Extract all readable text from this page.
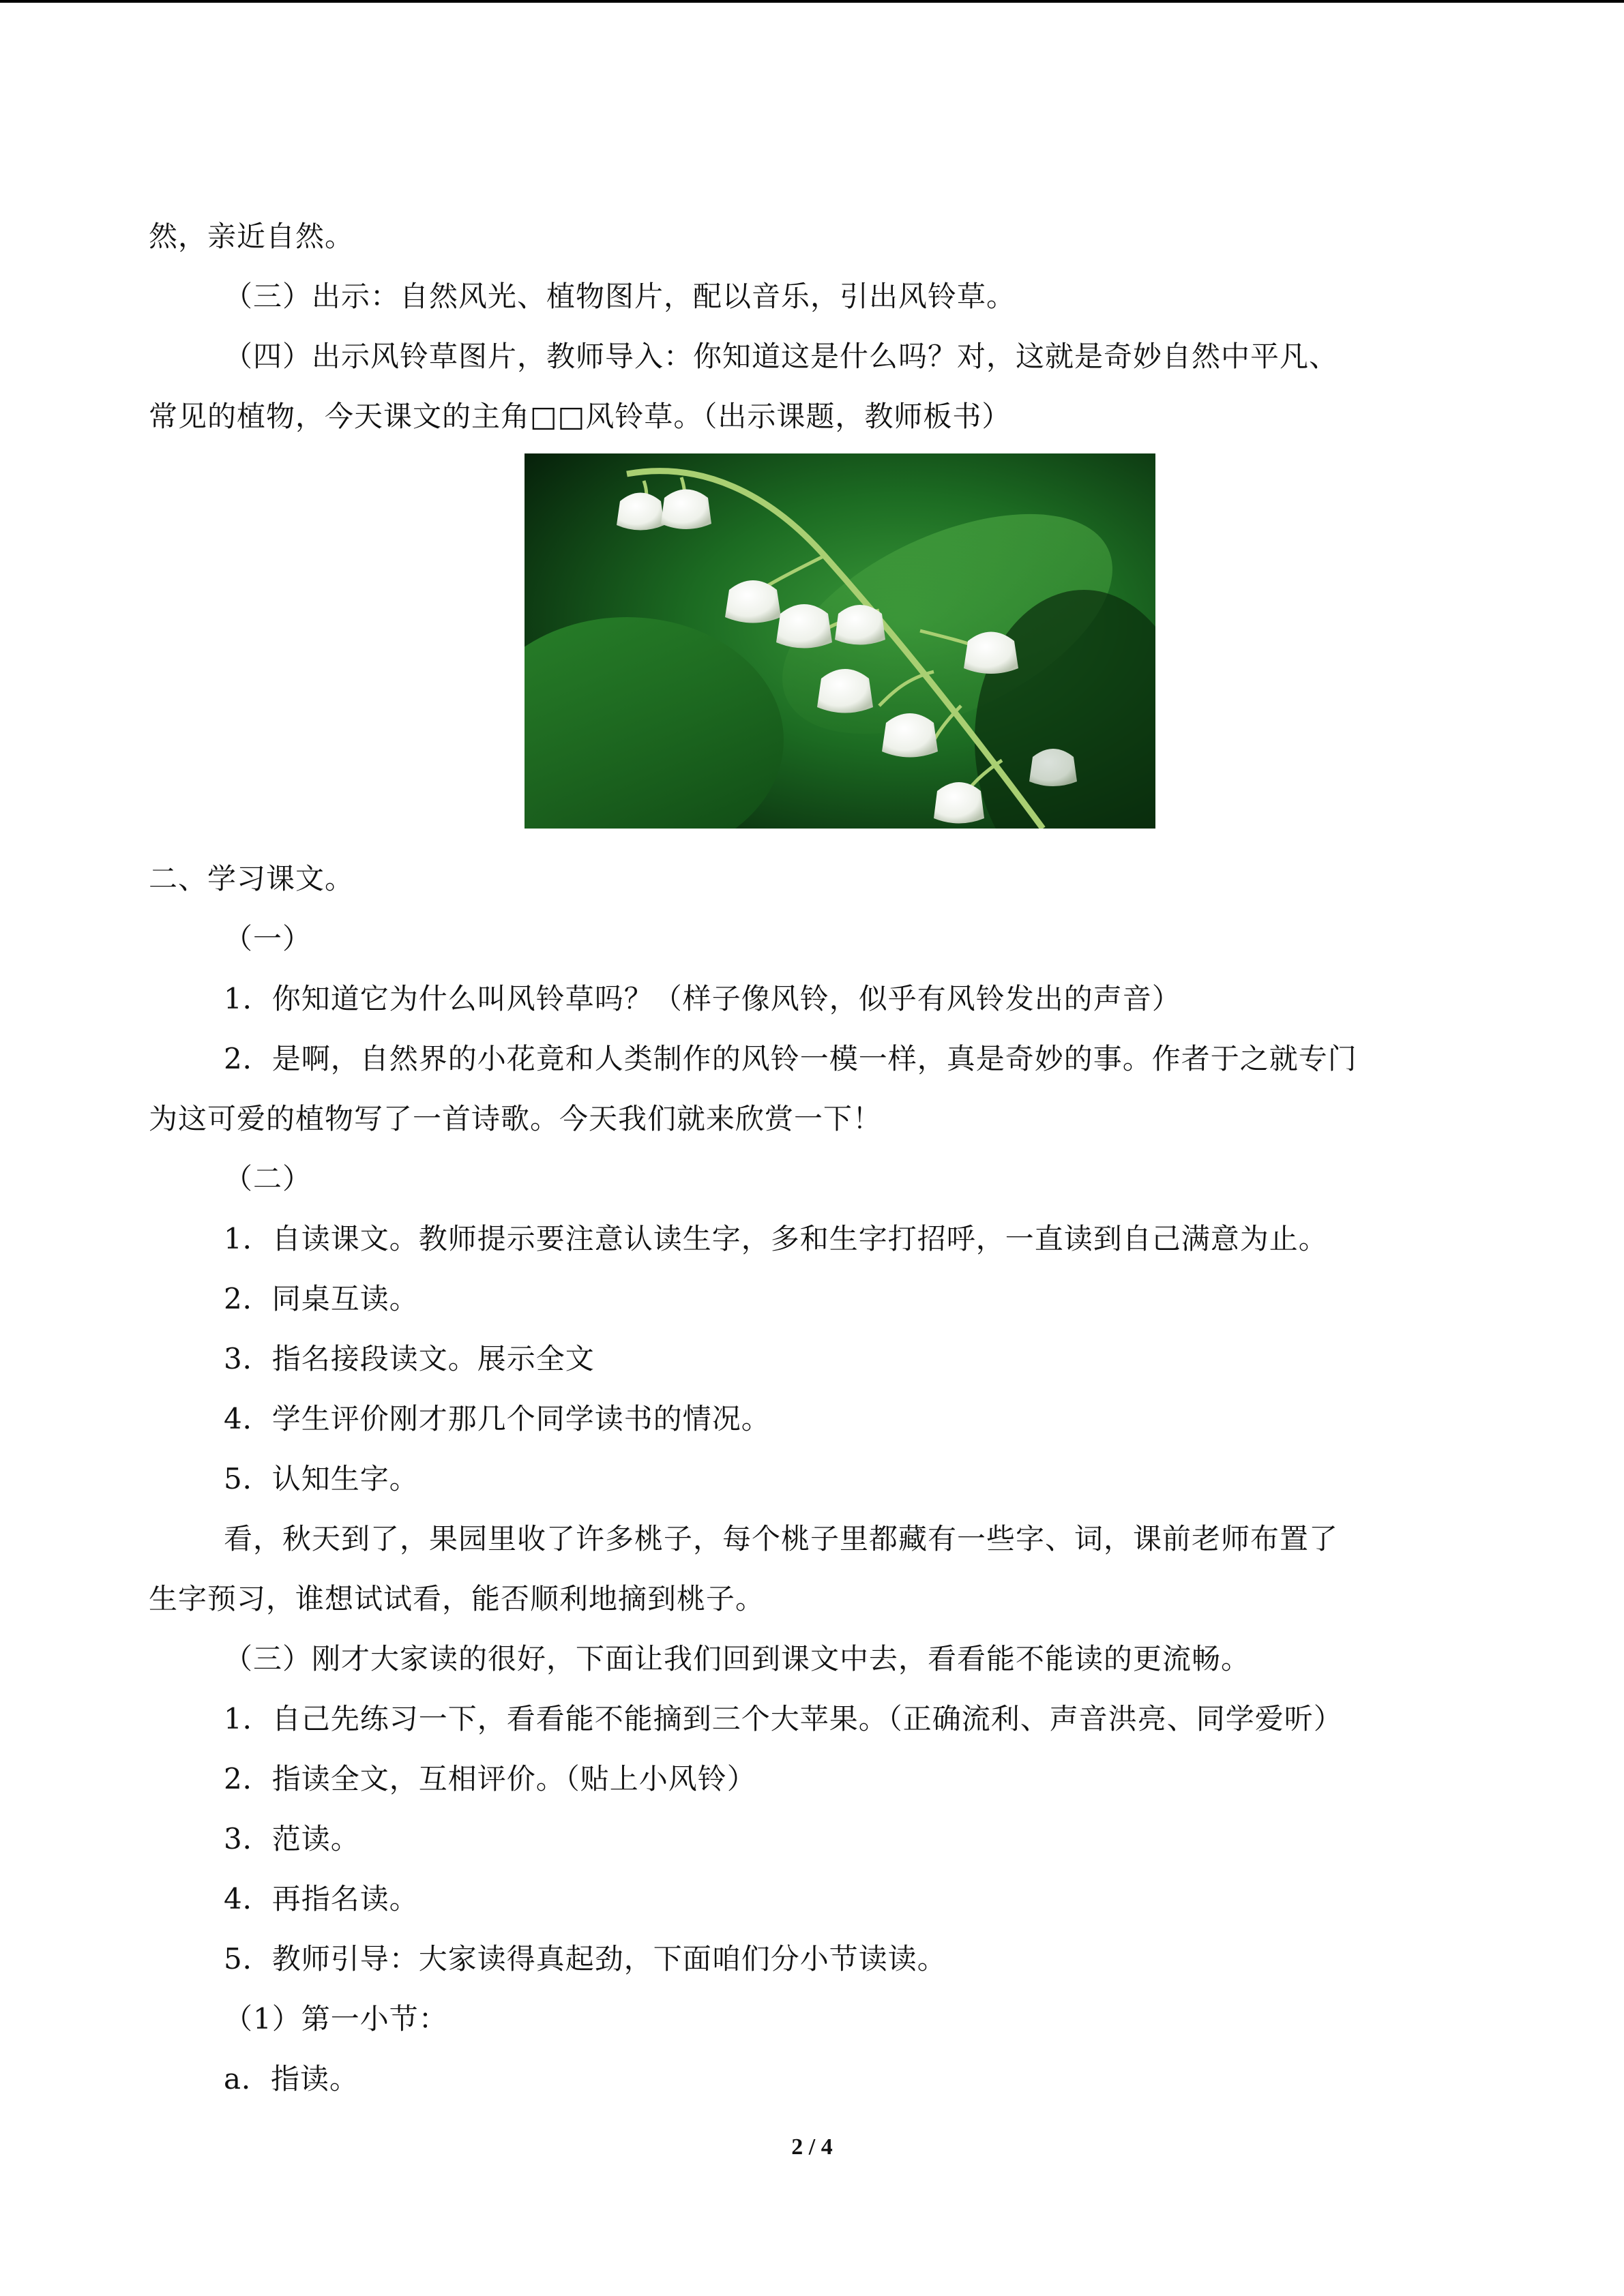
然，亲近自然。
（三）出示：自然风光、植物图片，配以音乐，引出风铃草。
（四）出示风铃草图片，教师导入：你知道这是什么吗？对，这就是奇妙自然中平凡、
常见的植物，今天课文的主角□□风铃草。（出示课题，教师板书）
二、学习课文。
（一）
1．你知道它为什么叫风铃草吗？（样子像风铃，似乎有风铃发出的声音）
2．是啊，自然界的小花竟和人类制作的风铃一模一样，真是奇妙的事。作者于之就专门
为这可爱的植物写了一首诗歌。今天我们就来欣赏一下！
（二）
1．自读课文。教师提示要注意认读生字，多和生字打招呼，一直读到自己满意为止。
2．同桌互读。
3．指名接段读文。展示全文
4．学生评价刚才那几个同学读书的情况。
5．认知生字。
看，秋天到了，果园里收了许多桃子，每个桃子里都藏有一些字、词，课前老师布置了
生字预习，谁想试试看，能否顺利地摘到桃子。
（三）刚才大家读的很好，下面让我们回到课文中去，看看能不能读的更流畅。
1．自己先练习一下，看看能不能摘到三个大苹果。（正确流利、声音洪亮、同学爱听）
2．指读全文，互相评价。（贴上小风铃）
3．范读。
4．再指名读。
5．教师引导：大家读得真起劲，下面咱们分小节读读。
（1）第一小节：
a．指读。
2 / 4
